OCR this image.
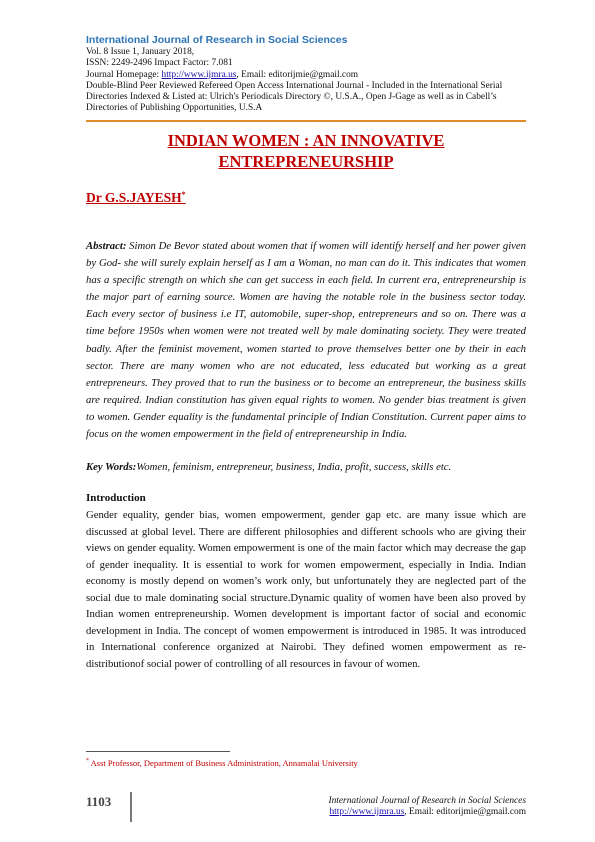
International Journal of Research in Social Sciences
Vol. 8 Issue 1, January 2018,
ISSN: 2249-2496 Impact Factor: 7.081
Journal Homepage: http://www.ijmra.us, Email: editorijmie@gmail.com
Double-Blind Peer Reviewed Refereed Open Access International Journal - Included in the International Serial Directories Indexed & Listed at: Ulrich's Periodicals Directory ©, U.S.A., Open J-Gage as well as in Cabell’s Directories of Publishing Opportunities, U.S.A
INDIAN WOMEN : AN INNOVATIVE
ENTREPRENEURSHIP
Dr G.S.JAYESH*
Abstract: Simon De Bevor stated about women that if women will identify herself and her power given by God- she will surely explain herself as I am a Woman, no man can do it. This indicates that women has a specific strength on which she can get success in each field. In current era, entrepreneurship is the major part of earning source. Women are having the notable role in the business sector today. Each every sector of business i.e IT, automobile, super-shop, entrepreneurs and so on. There was a time before 1950s when women were not treated well by male dominating society. They were treated badly. After the feminist movement, women started to prove themselves better one by their in each sector. There are many women who are not educated, less educated but working as a great entrepreneurs. They proved that to run the business or to become an entrepreneur, the business skills are required. Indian constitution has given equal rights to women. No gender bias treatment is given to women. Gender equality is the fundamental principle of Indian Constitution. Current paper aims to focus on the women empowerment in the field of entrepreneurship in India.
Key Words:Women, feminism, entrepreneur, business, India, profit, success, skills etc.
Introduction
Gender equality, gender bias, women empowerment, gender gap etc. are many issue which are discussed at global level. There are different philosophies and different schools who are giving their views on gender equality. Women empowerment is one of the main factor which may decrease the gap of gender inequality. It is essential to work for women empowerment, especially in India. Indian economy is mostly depend on women’s work only, but unfortunately they are neglected part of the social due to male dominating social structure.Dynamic quality of women have been also proved by Indian women entrepreneurship. Women development is important factor of social and economic development in India. The concept of women empowerment is introduced in 1985. It was introduced in International conference organized at Nairobi. They defined women empowerment as re-distributionof social power of controlling of all resources in favour of women.
* Asst Professor, Department of Business Administration, Annamalai University
1103	International Journal of Research in Social Sciences
http://www.ijmra.us, Email: editorijmie@gmail.com
